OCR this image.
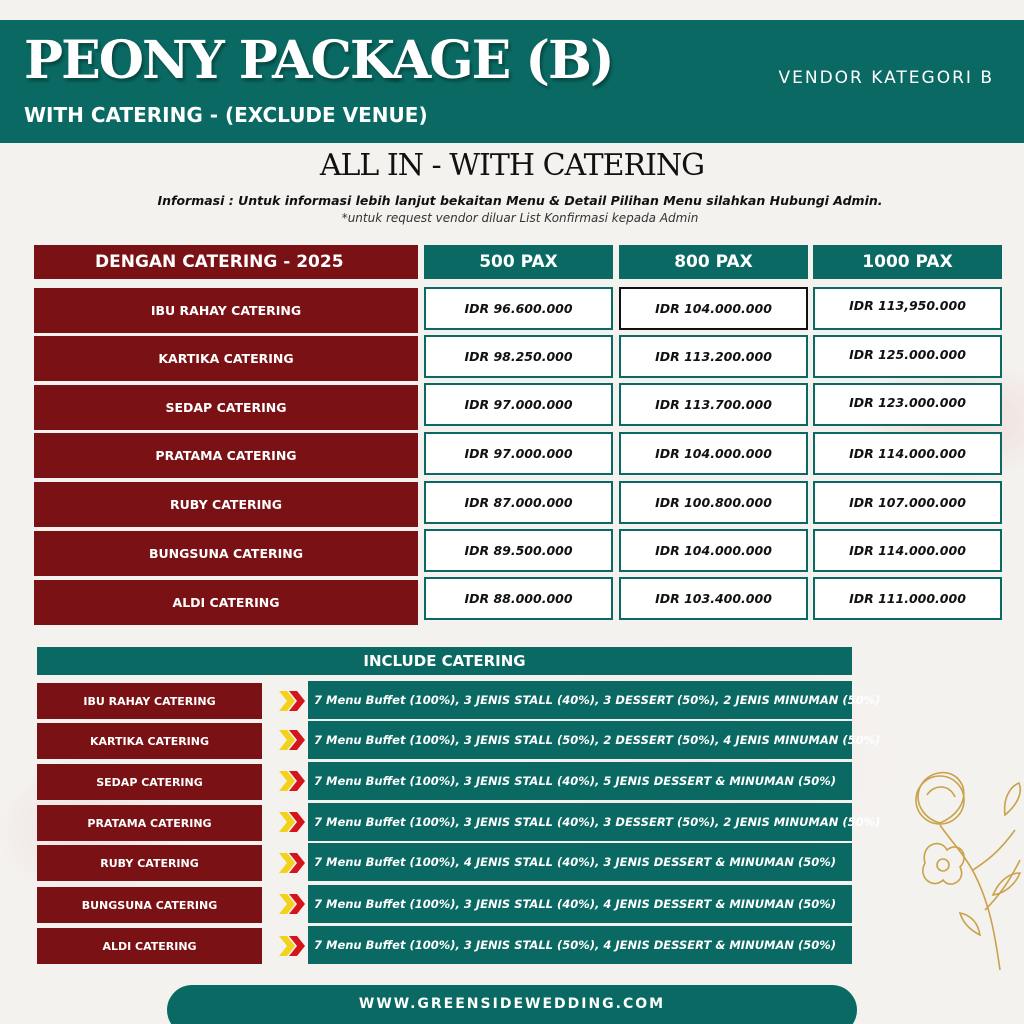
PEONY PACKAGE (B)
WITH CATERING - (EXCLUDE VENUE)
VENDOR KATEGORI B
ALL IN - WITH CATERING
Informasi : Untuk informasi lebih lanjut bekaitan Menu & Detail Pilihan Menu silahkan Hubungi Admin.
*untuk request vendor diluar List Konfirmasi kepada Admin
DENGAN CATERING - 2025	500 PAX	800 PAX	1000 PAX
IBU RAHAY CATERING	IDR 96.600.000	IDR 104.000.000	IDR 113,950.000
KARTIKA CATERING	IDR 98.250.000	IDR 113.200.000	IDR 125.000.000
SEDAP CATERING	IDR 97.000.000	IDR 113.700.000	IDR 123.000.000
PRATAMA CATERING	IDR 97.000.000	IDR 104.000.000	IDR 114.000.000
RUBY CATERING	IDR 87.000.000	IDR 100.800.000	IDR 107.000.000
BUNGSUNA CATERING	IDR 89.500.000	IDR 104.000.000	IDR 114.000.000
ALDI CATERING	IDR 88.000.000	IDR 103.400.000	IDR 111.000.000
INCLUDE CATERING
IBU RAHAY CATERING	7 Menu Buffet (100%), 3 JENIS STALL (40%), 3 DESSERT (50%), 2 JENIS MINUMAN (50%)
KARTIKA CATERING	7 Menu Buffet (100%), 3 JENIS STALL (50%), 2 DESSERT (50%), 4 JENIS MINUMAN (50%)
SEDAP CATERING	7 Menu Buffet (100%), 3 JENIS STALL (40%), 5 JENIS DESSERT & MINUMAN (50%)
PRATAMA CATERING	7 Menu Buffet (100%), 3 JENIS STALL (40%), 3 DESSERT (50%), 2 JENIS MINUMAN (50%)
RUBY CATERING	7 Menu Buffet (100%), 4 JENIS STALL (40%), 3 JENIS DESSERT & MINUMAN (50%)
BUNGSUNA CATERING	7 Menu Buffet (100%), 3 JENIS STALL (40%), 4 JENIS DESSERT & MINUMAN (50%)
ALDI CATERING	7 Menu Buffet (100%), 3 JENIS STALL (50%), 4 JENIS DESSERT & MINUMAN (50%)
WWW.GREENSIDEWEDDING.COM
